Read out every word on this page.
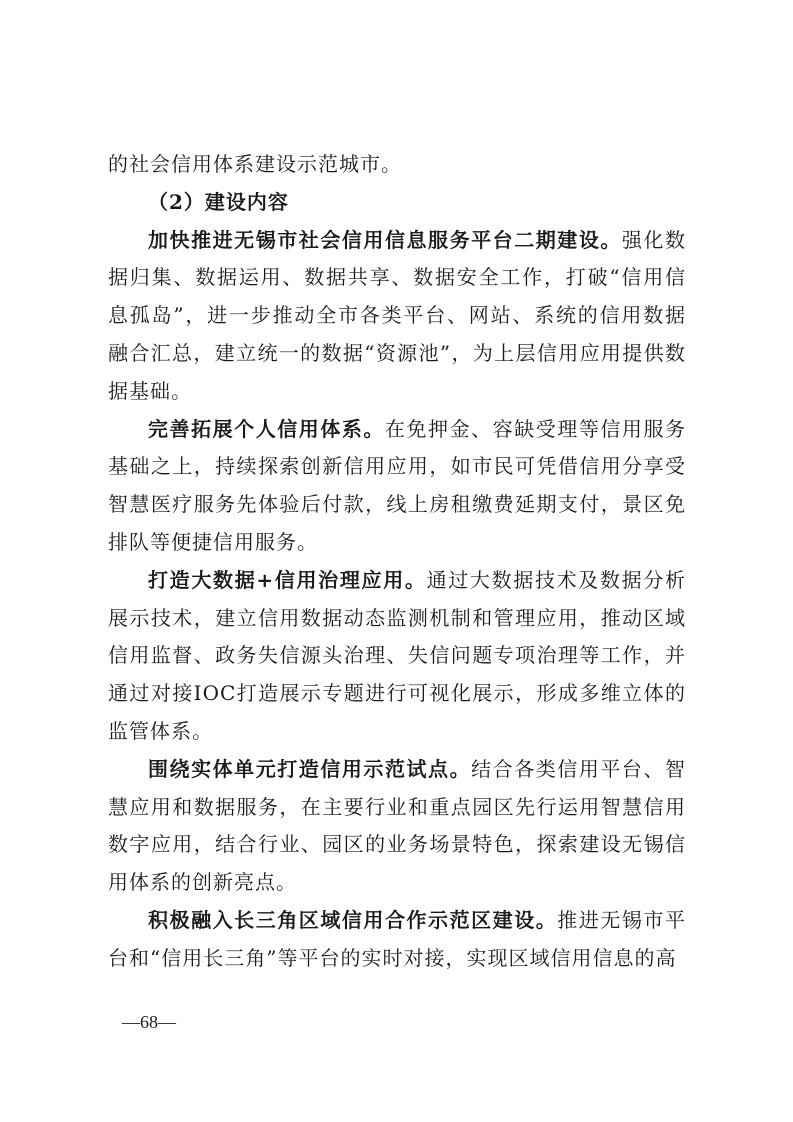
的社会信用体系建设示范城市。

（2）建设内容

加快推进无锡市社会信用信息服务平台二期建设。强化数据归集、数据运用、数据共享、数据安全工作，打破“信用信息孤岛”，进一步推动全市各类平台、网站、系统的信用数据融合汇总，建立统一的数据“资源池”，为上层信用应用提供数据基础。

完善拓展个人信用体系。在免押金、容缺受理等信用服务基础之上，持续探索创新信用应用，如市民可凭借信用分享受智慧医疗服务先体验后付款，线上房租缴费延期支付，景区免排队等便捷信用服务。

打造大数据+信用治理应用。通过大数据技术及数据分析展示技术，建立信用数据动态监测机制和管理应用，推动区域信用监督、政务失信源头治理、失信问题专项治理等工作，并通过对接IOC打造展示专题进行可视化展示，形成多维立体的监管体系。

围绕实体单元打造信用示范试点。结合各类信用平台、智慧应用和数据服务，在主要行业和重点园区先行运用智慧信用数字应用，结合行业、园区的业务场景特色，探索建设无锡信用体系的创新亮点。

积极融入长三角区域信用合作示范区建设。推进无锡市平台和“信用长三角”等平台的实时对接，实现区域信用信息的高

—68—
